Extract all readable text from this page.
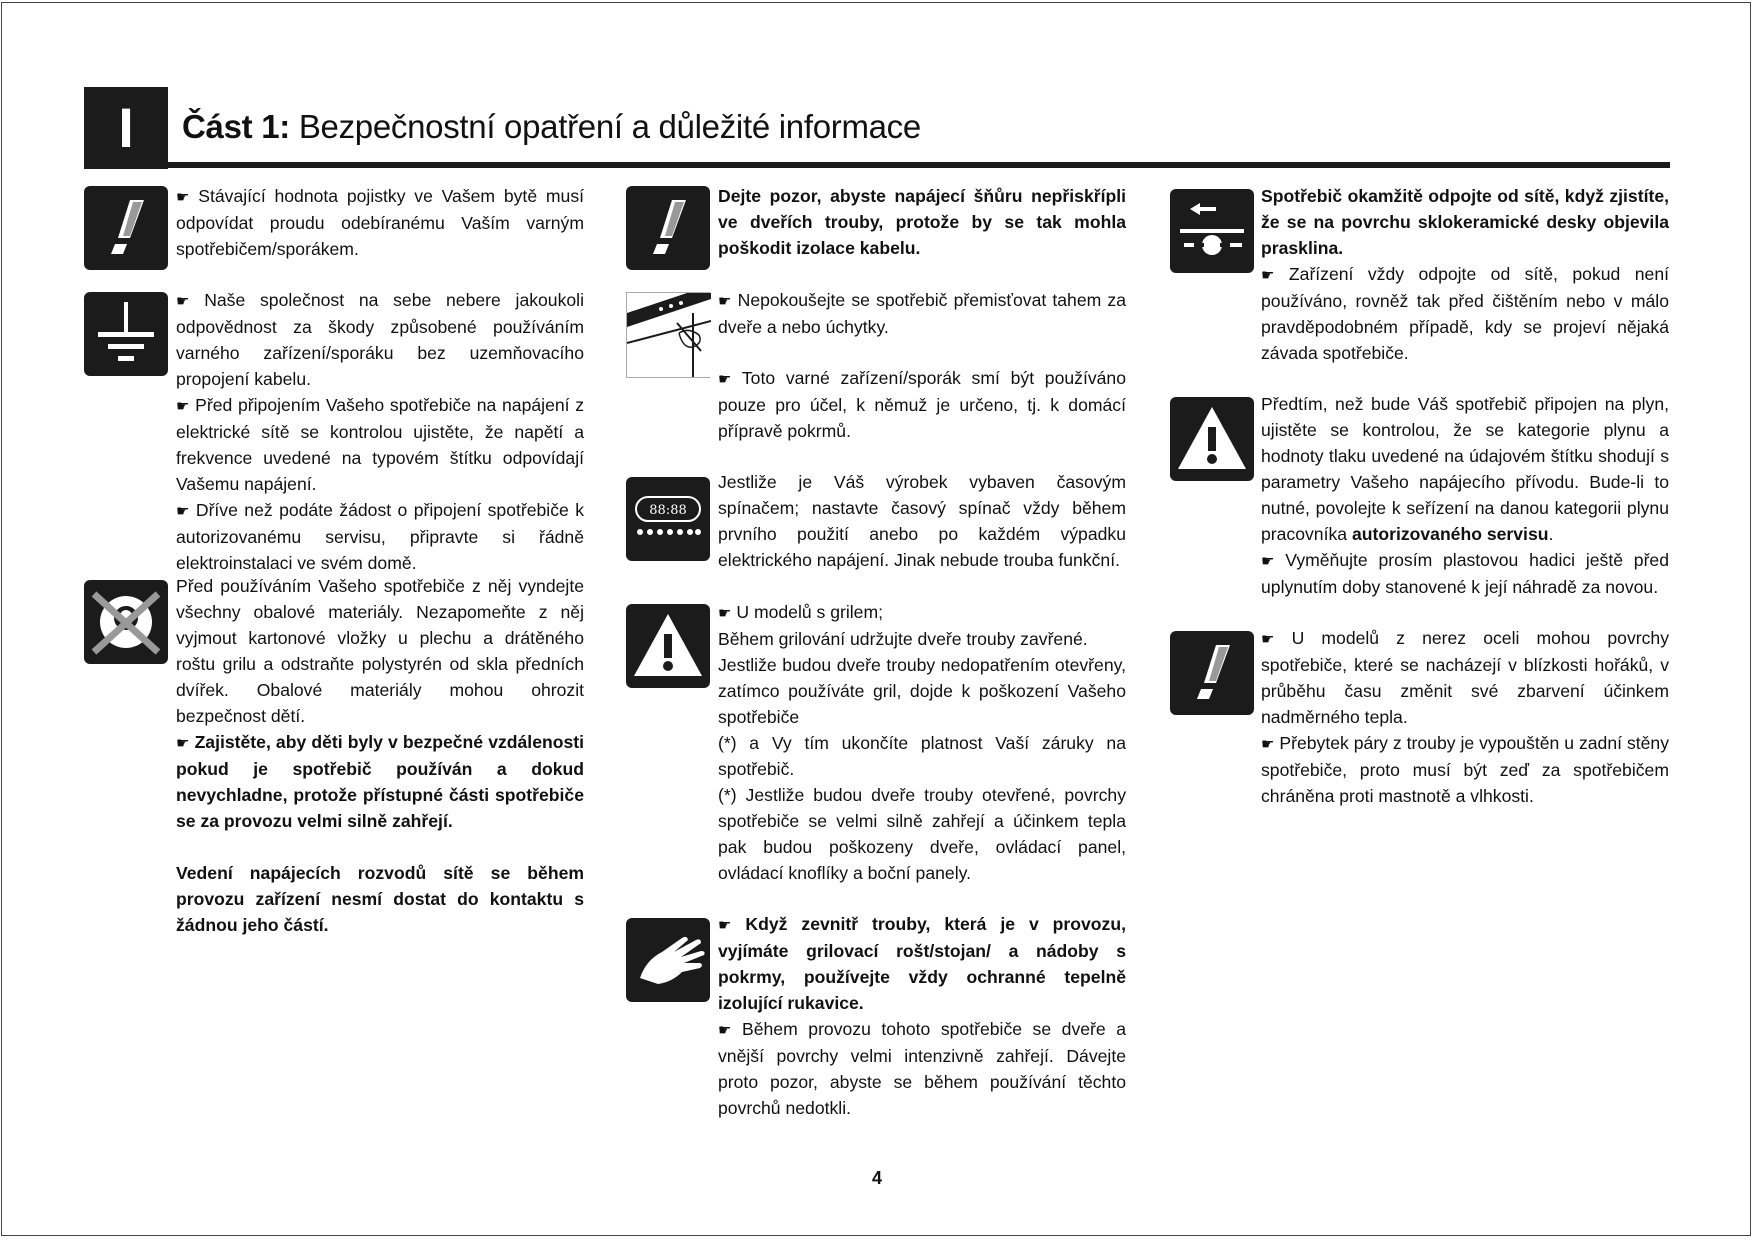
I	Část 1: Bezpečnostní opatření a důležité informace
88:88

☛ Stávající hodnota pojistky ve Vašem bytě musí odpovídat proudu odebíranému Vaším varným spotřebičem/sporákem.

☛ Naše společnost na sebe nebere jakoukoli odpovědnost za škody způsobené používáním varného zařízení/sporáku bez uzemňovacího propojení kabelu.

☛ Před připojením Vašeho spotřebiče na napájení z elektrické sítě se kontrolou ujistěte, že napětí a frekvence uvedené na typovém štítku odpovídají Vašemu napájení.

☛ Dříve než podáte žádost o připojení spotřebiče k autorizovanému servisu, připravte si řádně elektroinstalaci ve svém domě.

Před používáním Vašeho spotřebiče z něj vyndejte všechny obalové materiály. Nezapomeňte z něj vyjmout kartonové vložky u plechu a drátěného roštu grilu a odstraňte polystyrén od skla předních dvířek. Obalové materiály mohou ohrozit bezpečnost dětí.

☛ Zajistěte, aby děti byly v bezpečné vzdálenosti pokud je spotřebič používán a dokud nevychladne, protože přístupné části spotřebiče se za provozu velmi silně zahřejí.

Vedení napájecích rozvodů sítě se během provozu zařízení nesmí dostat do kontaktu s žádnou jeho částí.

Dejte pozor, abyste napájecí šňůru nepřiskřípli ve dveřích trouby, protože by se tak mohla poškodit izolace kabelu.

☛ Nepokoušejte se spotřebič přemisťovat tahem za dveře a nebo úchytky.

☛ Toto varné zařízení/sporák smí být používáno pouze pro účel, k němuž je určeno, tj. k domácí přípravě pokrmů.

Jestliže je Váš výrobek vybaven časovým spínačem; nastavte časový spínač vždy během prvního použití anebo po každém výpadku elektrického napájení. Jinak nebude trouba funkční.

☛ U modelů s grilem;

Během grilování udržujte dveře trouby zavřené.

Jestliže budou dveře trouby nedopatřením otevřeny, zatímco používáte gril, dojde k poškození Vašeho spotřebiče

(*) a Vy tím ukončíte platnost Vaší záruky na spotřebič.

(*) Jestliže budou dveře trouby otevřené, povrchy spotřebiče se velmi silně zahřejí a účinkem tepla pak budou poškozeny dveře, ovládací panel, ovládací knoflíky a boční panely.

☛ Když zevnitř trouby, která je v provozu, vyjímáte grilovací rošt/stojan/ a nádoby s pokrmy, používejte vždy ochranné tepelně izolující rukavice.

☛ Během provozu tohoto spotřebiče se dveře a vnější povrchy velmi intenzivně zahřejí. Dávejte proto pozor, abyste se během používání těchto povrchů nedotkli.

Spotřebič okamžitě odpojte od sítě, když zjistíte, že se na povrchu sklokeramické desky objevila prasklina.

☛ Zařízení vždy odpojte od sítě, pokud není používáno, rovněž tak před čištěním nebo v málo pravděpodobném případě, kdy se projeví nějaká závada spotřebiče.

Předtím, než bude Váš spotřebič připojen na plyn, ujistěte se kontrolou, že se kategorie plynu a hodnoty tlaku uvedené na údajovém štítku shodují s parametry Vašeho napájecího přívodu. Bude-li to nutné, povolejte k seřízení na danou kategorii plynu pracovníka autorizovaného servisu.

☛ Vyměňujte prosím plastovou hadici ještě před uplynutím doby stanovené k její náhradě za novou.

☛ U modelů z nerez oceli mohou povrchy spotřebiče, které se nacházejí v blízkosti hořáků, v průběhu času změnit své zbarvení účinkem nadměrného tepla.

☛ Přebytek páry z trouby je vypouštěn u zadní stěny spotřebiče, proto musí být zeď za spotřebičem chráněna proti mastnotě a vlhkosti.

4
